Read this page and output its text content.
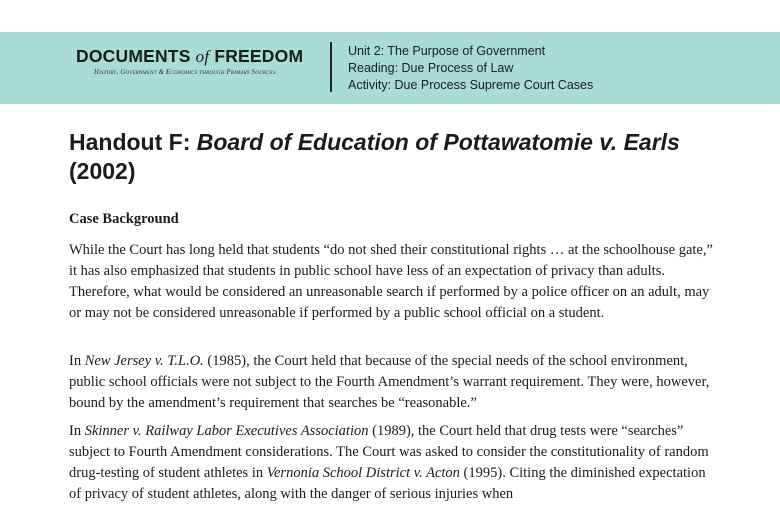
DOCUMENTS of FREEDOM
History, Government & Economics through Primary Sources
Unit 2: The Purpose of Government
Reading: Due Process of Law
Activity: Due Process Supreme Court Cases
Handout F: Board of Education of Pottawatomie v. Earls
(2002)
Case Background

While the Court has long held that students “do not shed their constitutional rights … at the schoolhouse gate,” it has also emphasized that students in public school have less of an expectation of privacy than adults. Therefore, what would be considered an unreasonable search if performed by a police officer on an adult, may or may not be considered unreasonable if performed by a public school official on a student.

In New Jersey v. T.L.O. (1985), the Court held that because of the special needs of the school environment, public school officials were not subject to the Fourth Amendment’s warrant requirement. They were, however, bound by the amendment’s requirement that searches be “reasonable.”

In Skinner v. Railway Labor Executives Association (1989), the Court held that drug tests were “searches” subject to Fourth Amendment considerations. The Court was asked to consider the constitutionality of random drug-testing of student athletes in Vernonia School District v. Acton (1995). Citing the diminished expectation of privacy of student athletes, along with the danger of serious injuries when
